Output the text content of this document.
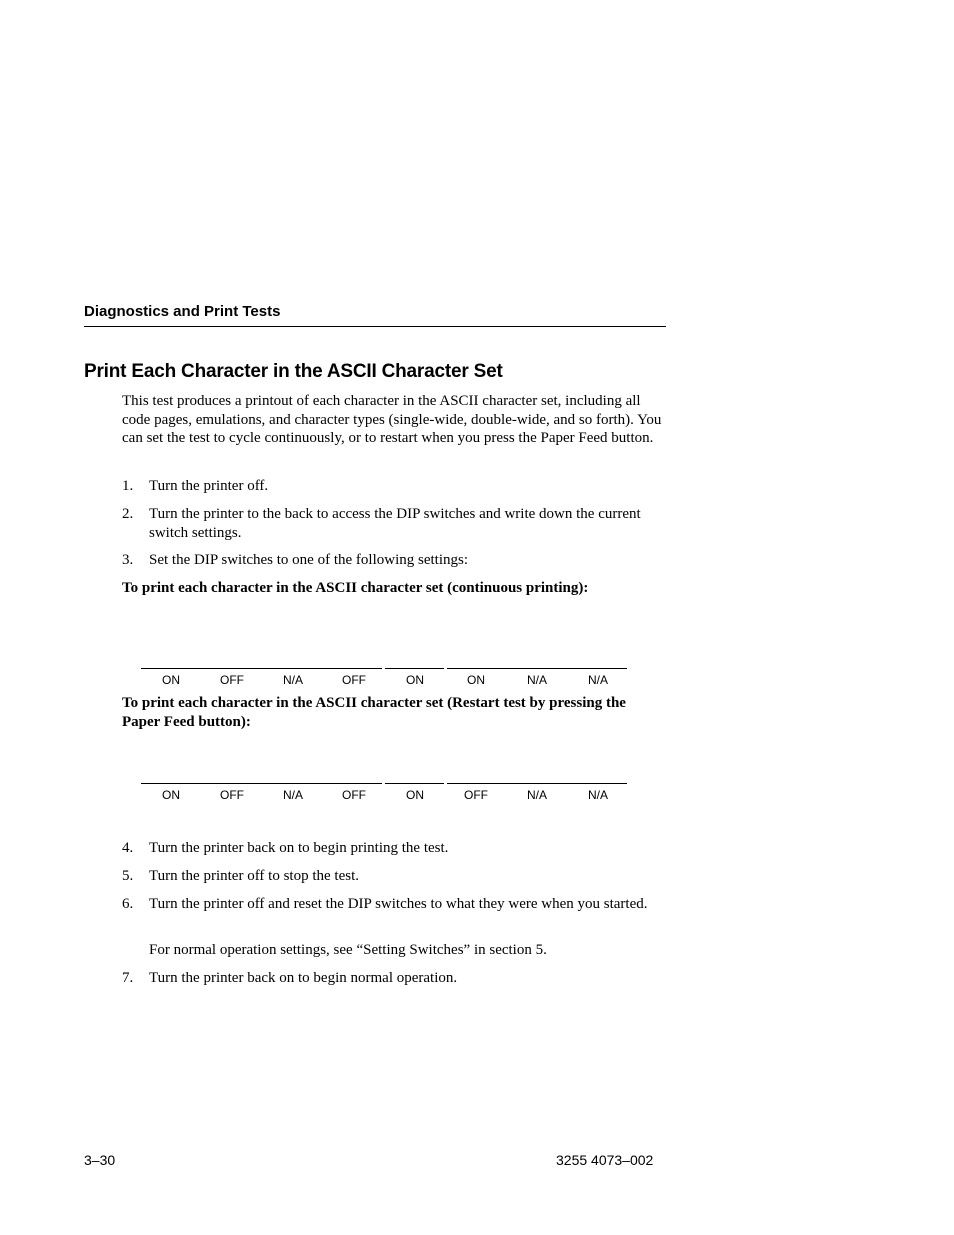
Diagnostics and Print Tests
Print Each Character in the ASCII Character Set
This test produces a printout of each character in the ASCII character set, including all code pages, emulations, and character types (single-wide, double-wide, and so forth). You can set the test to cycle continuously, or to restart when you press the Paper Feed button.
1. Turn the printer off.
2. Turn the printer to the back to access the DIP switches and write down the current switch settings.
3. Set the DIP switches to one of the following settings:
To print each character in the ASCII character set (continuous printing):
ON	OFF	N/A	OFF	ON	ON	N/A	N/A
To print each character in the ASCII character set (Restart test by pressing the Paper Feed button):
ON	OFF	N/A	OFF	ON	OFF	N/A	N/A
4. Turn the printer back on to begin printing the test.
5. Turn the printer off to stop the test.
6. Turn the printer off and reset the DIP switches to what they were when you started.
For normal operation settings, see “Setting Switches” in section 5.
7. Turn the printer back on to begin normal operation.
3–30	3255 4073–002
